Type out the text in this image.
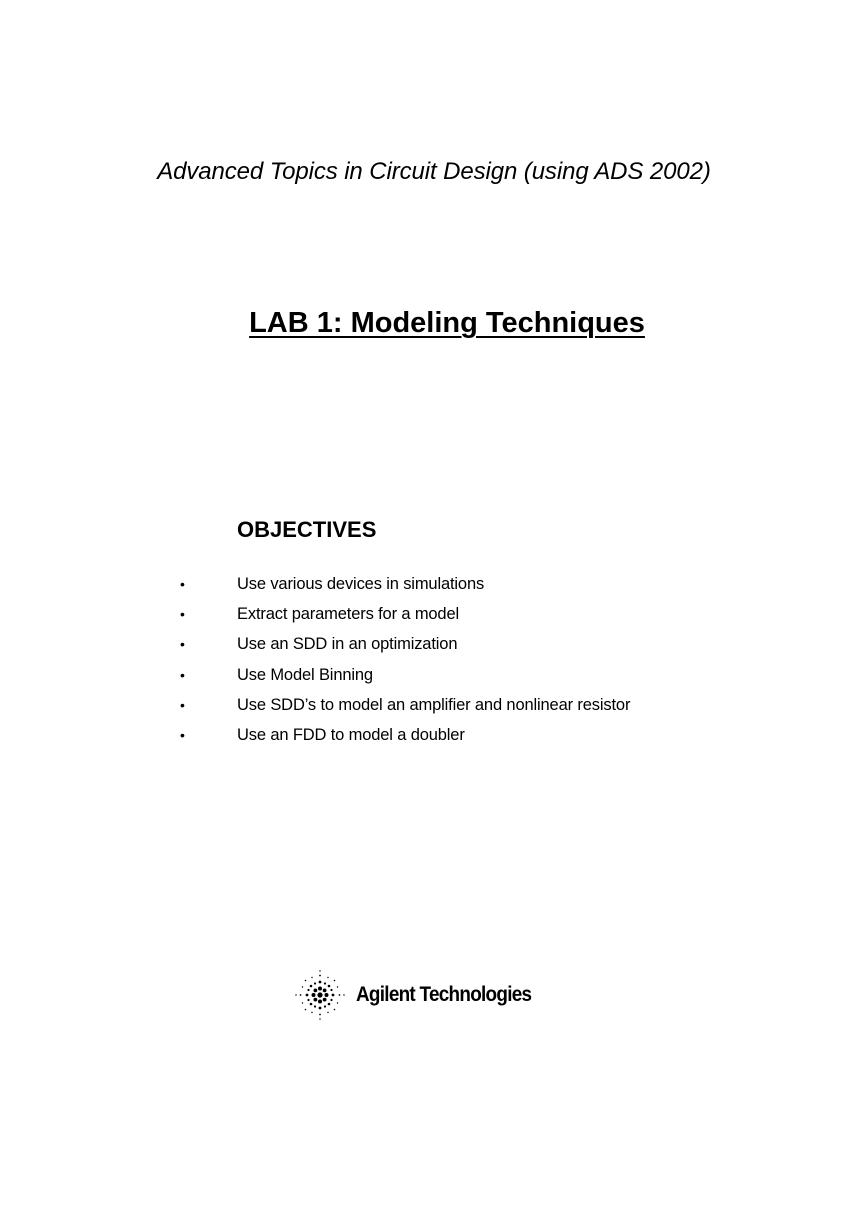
Advanced Topics in Circuit Design (using ADS 2002)
LAB 1: Modeling Techniques
OBJECTIVES
•	Use various devices in simulations
•	Extract parameters for a model
•	Use an SDD in an optimization
•	Use Model Binning
•	Use SDD’s to model an amplifier and nonlinear resistor
•	Use an FDD to model a doubler
Agilent Technologies
